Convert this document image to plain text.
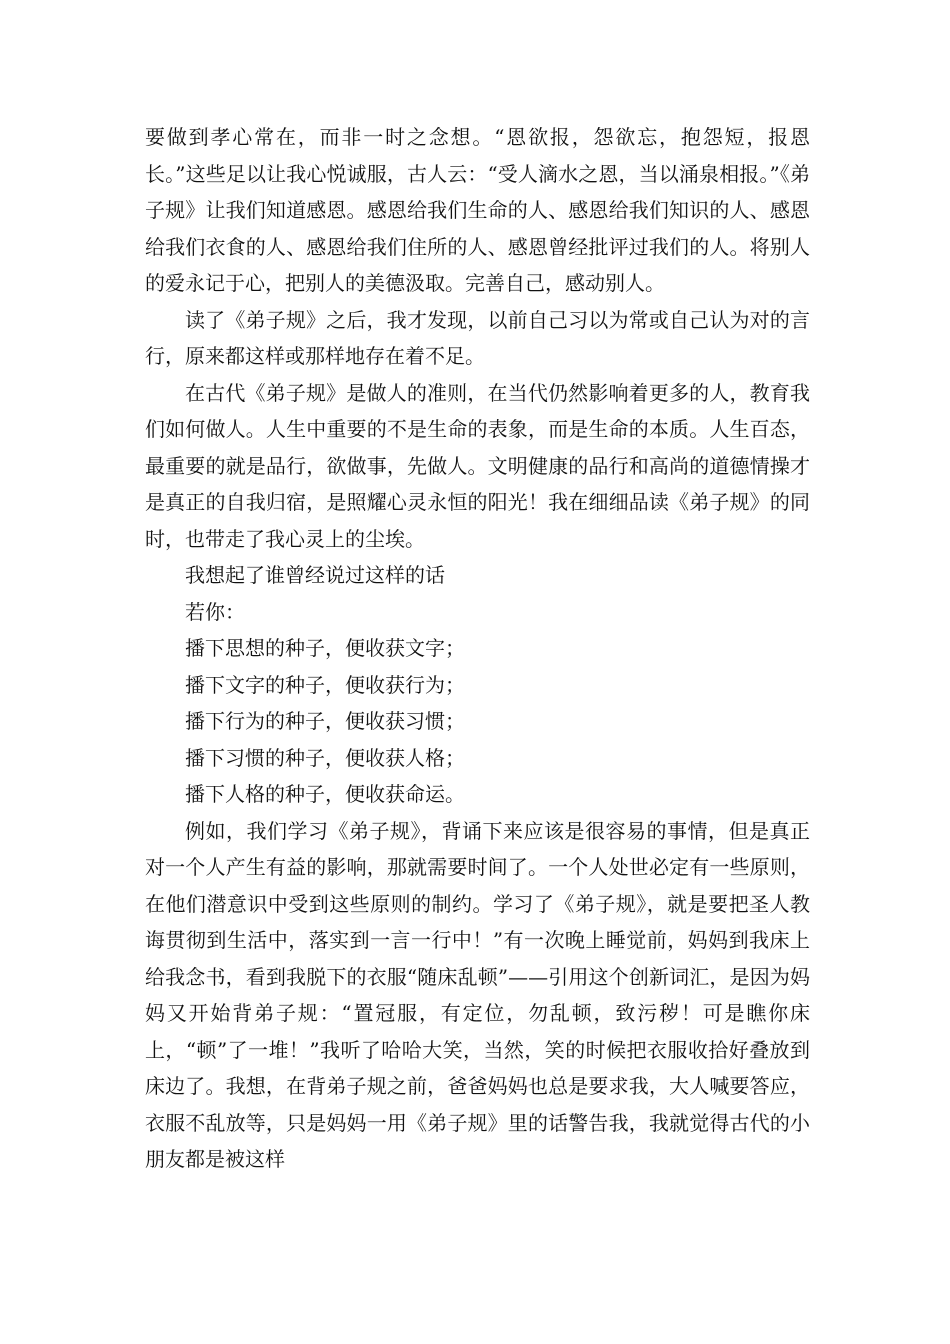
要做到孝心常在，而非一时之念想。“恩欲报，怨欲忘，抱怨短，报恩长。”这些足以让我心悦诚服，古人云：“受人滴水之恩，当以涌泉相报。”《弟子规》让我们知道感恩。感恩给我们生命的人、感恩给我们知识的人、感恩给我们衣食的人、感恩给我们住所的人、感恩曾经批评过我们的人。将别人的爱永记于心，把别人的美德汲取。完善自己，感动别人。

读了《弟子规》之后，我才发现，以前自己习以为常或自己认为对的言行，原来都这样或那样地存在着不足。

在古代《弟子规》是做人的准则，在当代仍然影响着更多的人，教育我们如何做人。人生中重要的不是生命的表象，而是生命的本质。人生百态，最重要的就是品行，欲做事，先做人。文明健康的品行和高尚的道德情操才是真正的自我归宿，是照耀心灵永恒的阳光！我在细细品读《弟子规》的同时，也带走了我心灵上的尘埃。

我想起了谁曾经说过这样的话

若你：

播下思想的种子，便收获文字；

播下文字的种子，便收获行为；

播下行为的种子，便收获习惯；

播下习惯的种子，便收获人格；

播下人格的种子，便收获命运。

例如，我们学习《弟子规》，背诵下来应该是很容易的事情，但是真正对一个人产生有益的影响，那就需要时间了。一个人处世必定有一些原则，在他们潜意识中受到这些原则的制约。学习了《弟子规》，就是要把圣人教诲贯彻到生活中，落实到一言一行中！”有一次晚上睡觉前，妈妈到我床上给我念书，看到我脱下的衣服“随床乱顿”——引用这个创新词汇，是因为妈妈又开始背弟子规：“置冠服，有定位，勿乱顿，致污秽！可是瞧你床上，“顿”了一堆！”我听了哈哈大笑，当然，笑的时候把衣服收拾好叠放到床边了。我想，在背弟子规之前，爸爸妈妈也总是要求我，大人喊要答应，衣服不乱放等，只是妈妈一用《弟子规》里的话警告我，我就觉得古代的小朋友都是被这样
